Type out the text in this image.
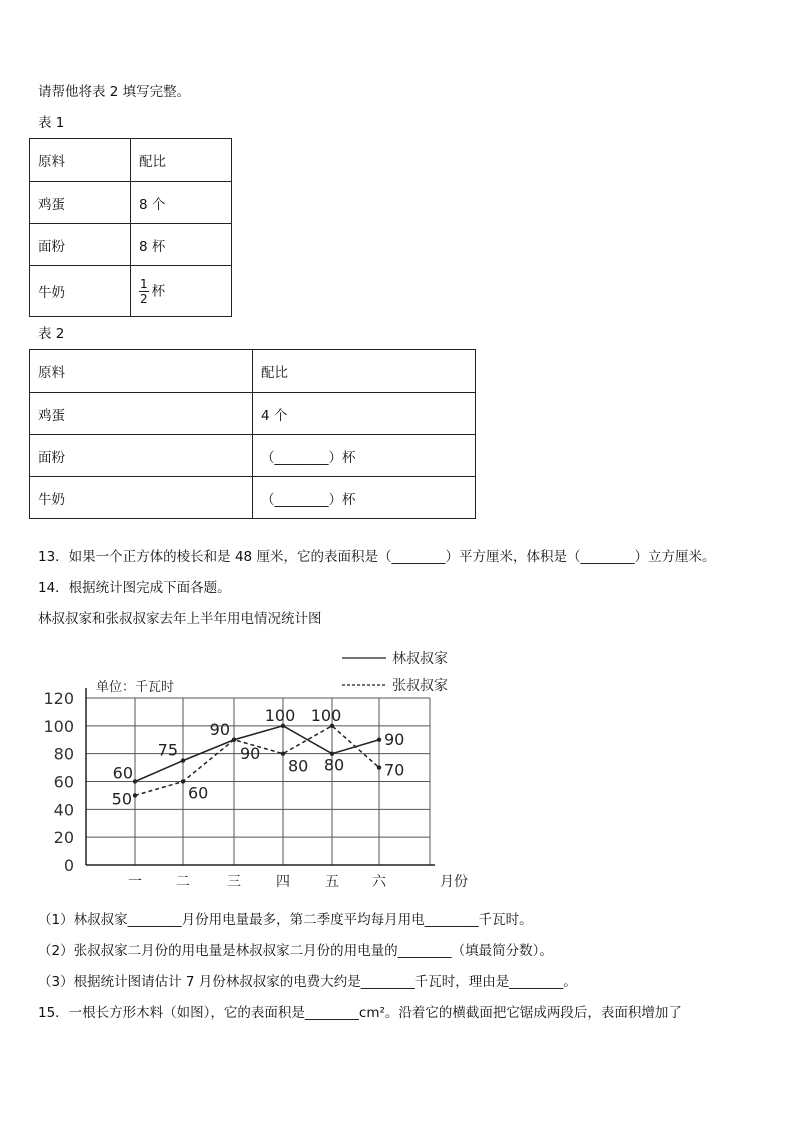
请帮他将表 2 填写完整。
表 1
原料	配比
鸡蛋	8 个
面粉	8 杯
牛奶	$\frac{1}{2}$ 杯
表 2
原料	配比
鸡蛋	4 个
面粉	（________）杯
牛奶	（________）杯
13．如果一个正方体的棱长和是 48 厘米，它的表面积是（________）平方厘米，体积是（________）立方厘米。
14．根据统计图完成下面各题。
林叔叔家和张叔叔家去年上半年用电情况统计图
0
20
40
60
80
100
120
一 二	三	四	五 六	月份
单位：千瓦时
60
75
90
100
80
90
50	60
90
80
100
70
林叔叔家
张叔叔家
（1）林叔叔家________月份用电量最多，第二季度平均每月用电________千瓦时。
（2）张叔叔家二月份的用电量是林叔叔家二月份的用电量的________（填最简分数）。
（3）根据统计图请估计 7 月份林叔叔家的电费大约是________千瓦时，理由是________。
15．一根长方形木料（如图），它的表面积是________cm²。沿着它的横截面把它锯成两段后，表面积增加了
